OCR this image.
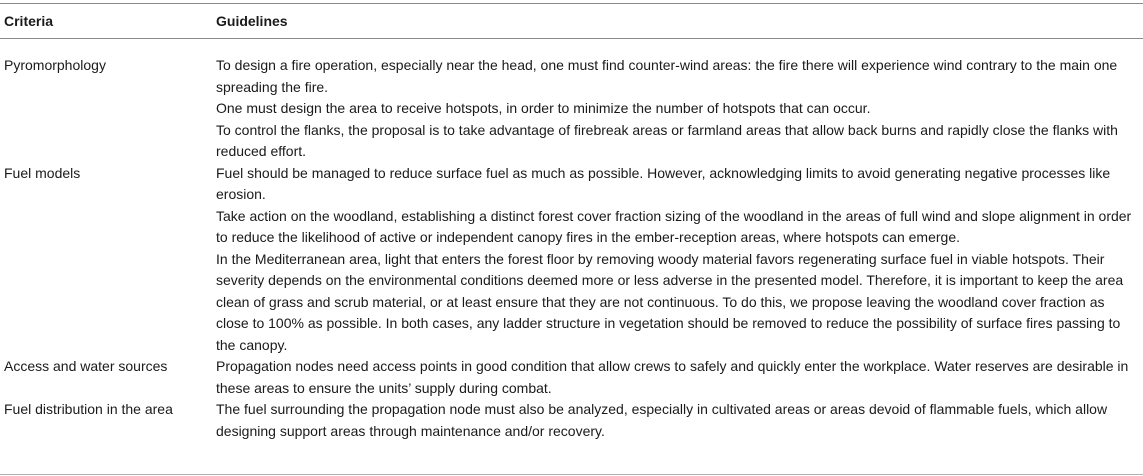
Criteria	Guidelines
Pyromorphology	To design a fire operation, especially near the head, one must find counter-wind areas: the fire there will experience wind contrary to the main one spreading the fire.

One must design the area to receive hotspots, in order to minimize the number of hotspots that can occur.

To control the flanks, the proposal is to take advantage of firebreak areas or farmland areas that allow back burns and rapidly close the flanks with reduced effort.

Fuel models	Fuel should be managed to reduce surface fuel as much as possible. However, acknowledging limits to avoid generating negative processes like erosion.

Take action on the woodland, establishing a distinct forest cover fraction sizing of the woodland in the areas of full wind and slope alignment in order to reduce the likelihood of active or independent canopy fires in the ember-reception areas, where hotspots can emerge.

In the Mediterranean area, light that enters the forest floor by removing woody material favors regenerating surface fuel in viable hotspots. Their severity depends on the environmental conditions deemed more or less adverse in the presented model. Therefore, it is important to keep the area clean of grass and scrub material, or at least ensure that they are not continuous. To do this, we propose leaving the woodland cover fraction as close to 100% as possible. In both cases, any ladder structure in vegetation should be removed to reduce the possibility of surface fires passing to the canopy.

Access and water sources	Propagation nodes need access points in good condition that allow crews to safely and quickly enter the workplace. Water reserves are desirable in these areas to ensure the units’ supply during combat.

Fuel distribution in the area	The fuel surrounding the propagation node must also be analyzed, especially in cultivated areas or areas devoid of flammable fuels, which allow designing support areas through maintenance and/or recovery.
